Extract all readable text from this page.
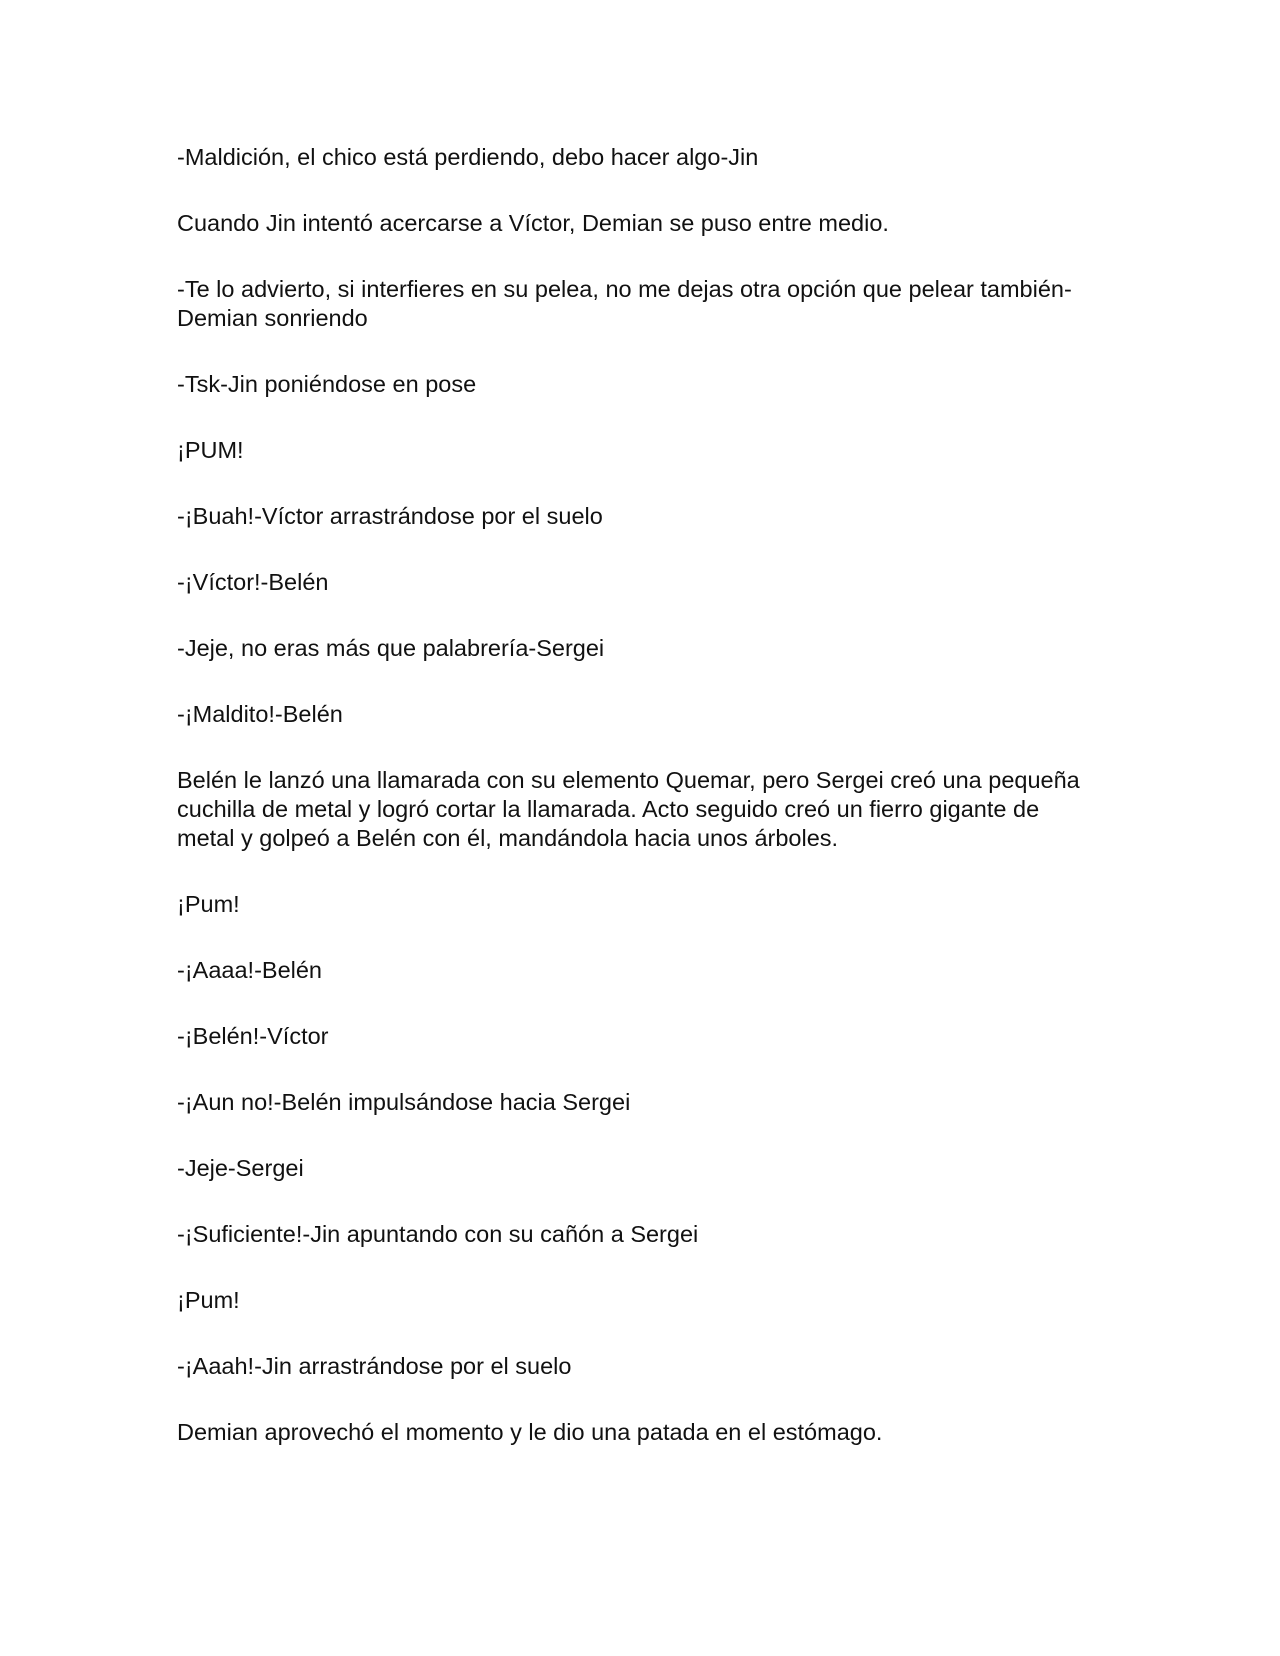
-Maldición, el chico está perdiendo, debo hacer algo-Jin

Cuando Jin intentó acercarse a Víctor, Demian se puso entre medio.

-Te lo advierto, si interfieres en su pelea, no me dejas otra opción que pelear también-Demian sonriendo

-Tsk-Jin poniéndose en pose

¡PUM!

-¡Buah!-Víctor arrastrándose por el suelo

-¡Víctor!-Belén

-Jeje, no eras más que palabrería-Sergei

-¡Maldito!-Belén

Belén le lanzó una llamarada con su elemento Quemar, pero Sergei creó una pequeña cuchilla de metal y logró cortar la llamarada. Acto seguido creó un fierro gigante de metal y golpeó a Belén con él, mandándola hacia unos árboles.

¡Pum!

-¡Aaaa!-Belén

-¡Belén!-Víctor

-¡Aun no!-Belén impulsándose hacia Sergei

-Jeje-Sergei

-¡Suficiente!-Jin apuntando con su cañón a Sergei

¡Pum!

-¡Aaah!-Jin arrastrándose por el suelo

Demian aprovechó el momento y le dio una patada en el estómago.
